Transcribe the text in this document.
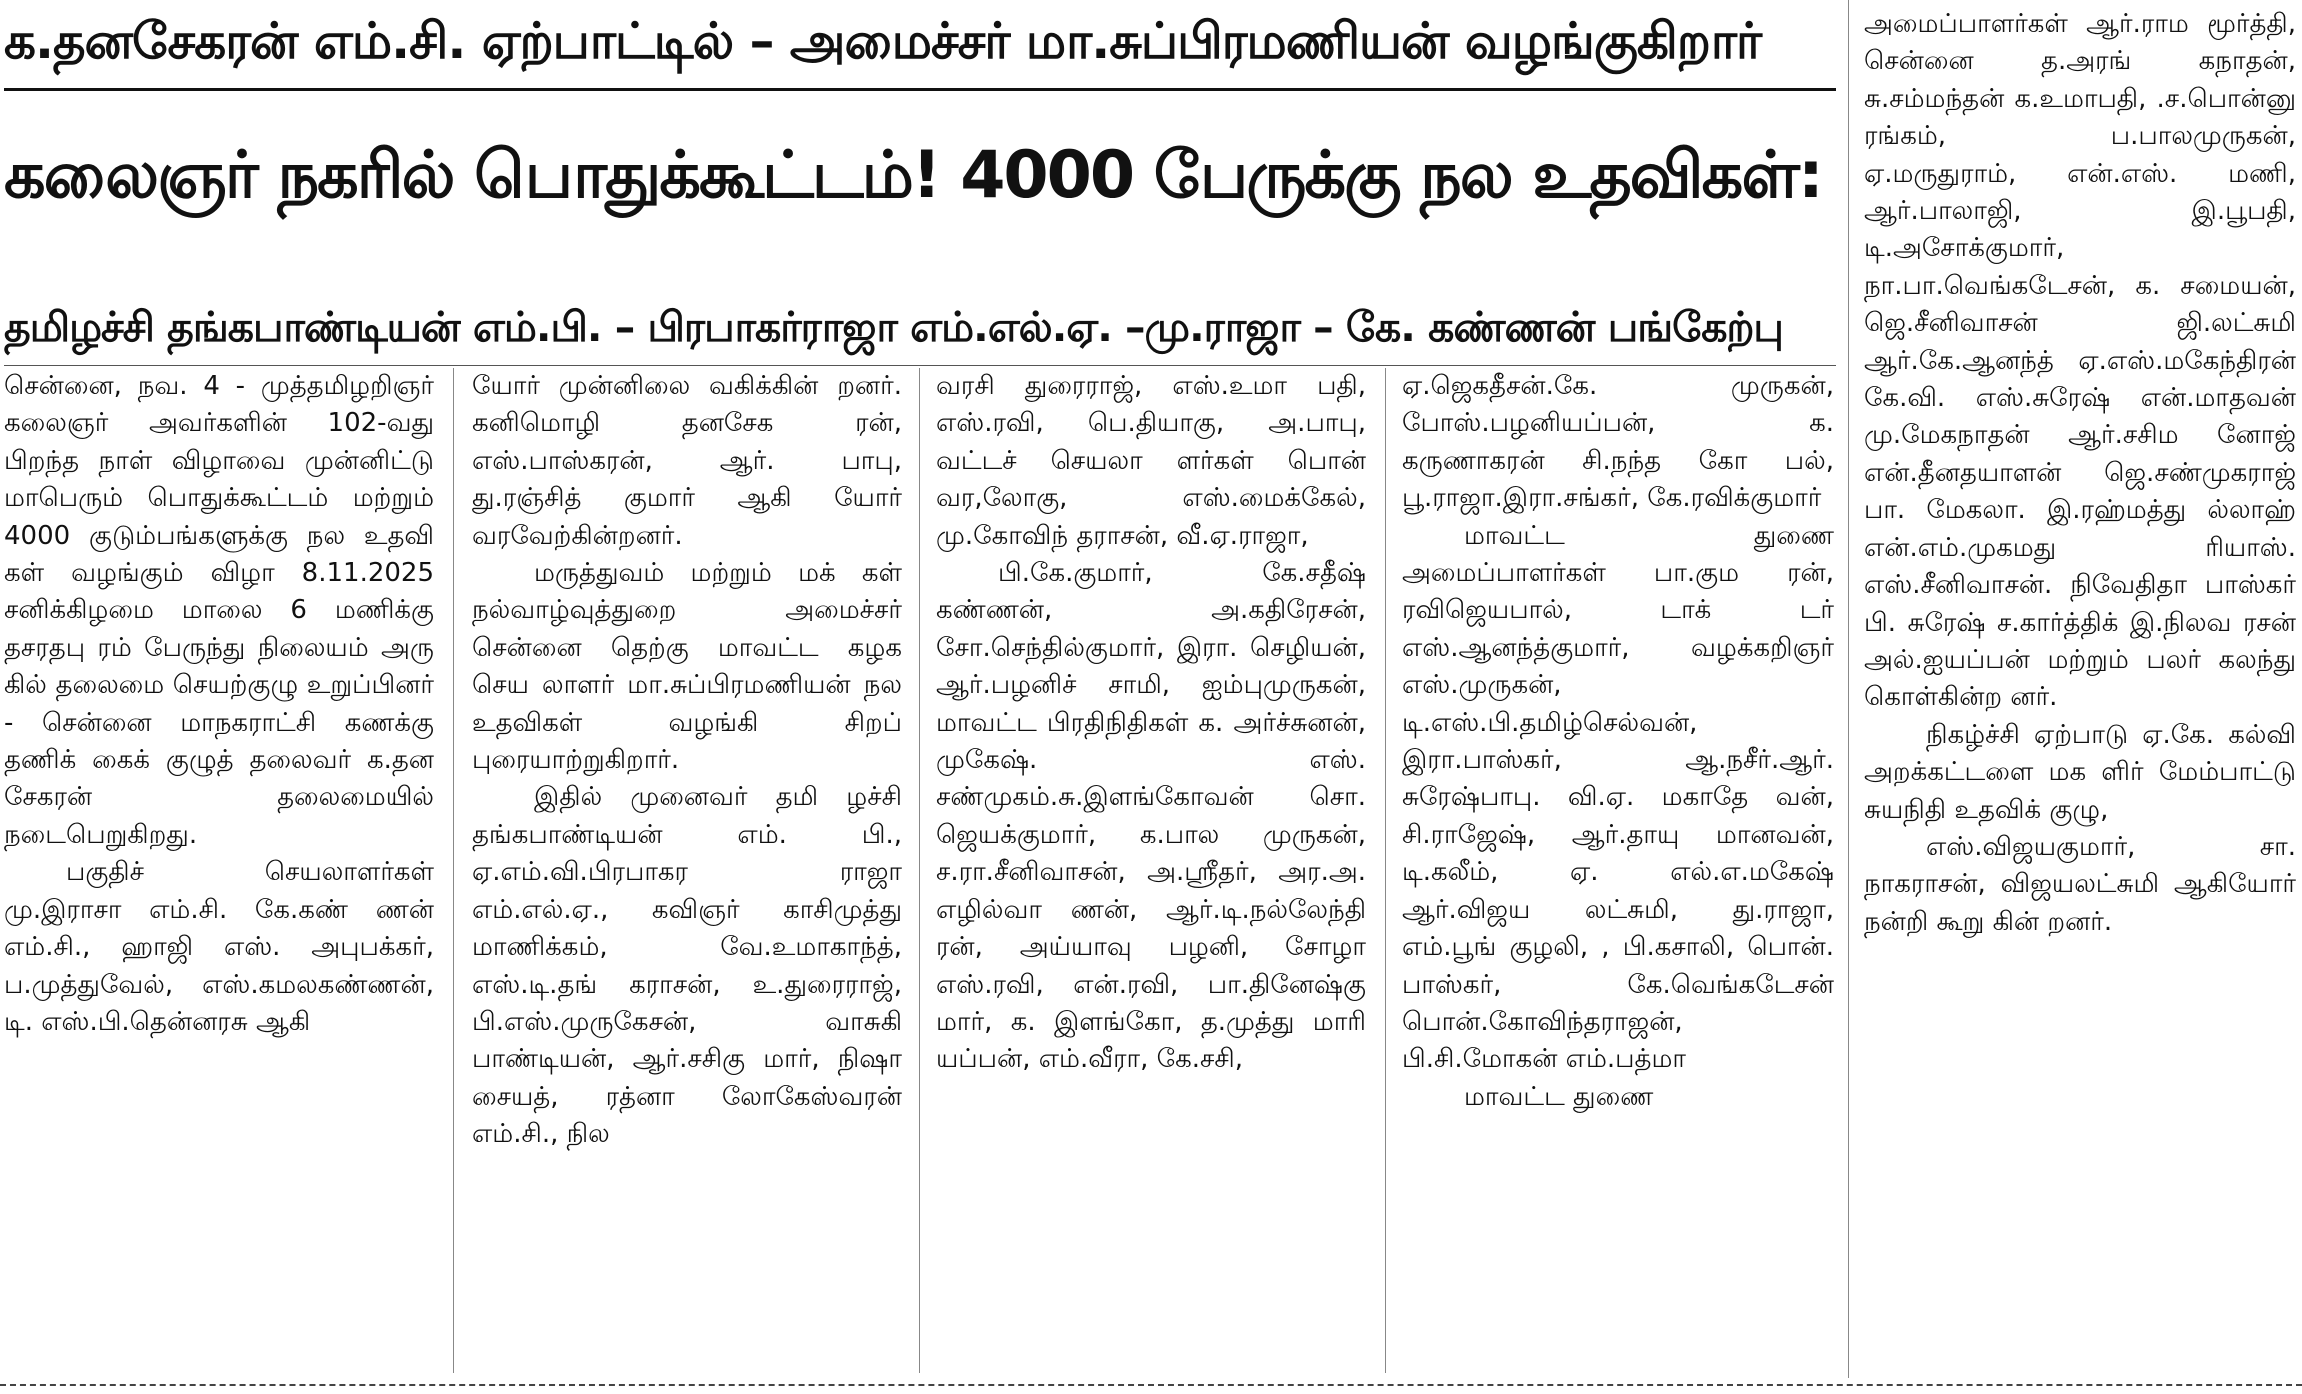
க.தனசேகரன் எம்.சி. ஏற்பாட்டில் – அமைச்சர் மா.சுப்பிரமணியன் வழங்குகிறார்
கலைஞர் நகரில் பொதுக்கூட்டம்! 4000 பேருக்கு நல உதவிகள்:
தமிழச்சி தங்கபாண்டியன் எம்.பி. – பிரபாகர்ராஜா எம்.எல்.ஏ. –மு.ராஜா – கே. கண்ணன் பங்கேற்பு

சென்னை, நவ. 4 - முத்தமிழறிஞர் கலைஞர் அவர்களின் 102-வது பிறந்த நாள் விழாவை முன்னிட்டு மாபெரும் பொதுக்கூட்டம் மற்றும் 4000 குடும்பங்களுக்கு நல உதவி கள் வழங்கும் விழா 8.11.2025 சனிக்கிழமை மாலை 6 மணிக்கு தசரதபு ரம் பேருந்து நிலையம் அரு கில் தலைமை செயற்குழு உறுப்பினர் - சென்னை மாநகராட்சி கணக்கு தணிக் கைக் குழுத் தலைவர் க.தன சேகரன் தலைமையில் நடைபெறுகிறது.

பகுதிச் செயலாளர்கள் மு.இராசா எம்.சி. கே.கண் ணன் எம்.சி., ஹாஜி எஸ். அபுபக்கர், ப.முத்துவேல், எஸ்.கமலகண்ணன், டி. எஸ்.பி.தென்னரசு ஆகி

யோர் முன்னிலை வகிக்கின் றனர். கனிமொழி தனசேக ரன், எஸ்.பாஸ்கரன், ஆர். பாபு, து.ரஞ்சித் குமார் ஆகி யோர் வரவேற்கின்றனர்.

மருத்துவம் மற்றும் மக் கள் நல்வாழ்வுத்துறை அமைச்சர் சென்னை தெற்கு மாவட்ட கழக செய லாளர் மா.சுப்பிரமணியன் நல உதவிகள் வழங்கி சிறப் புரையாற்றுகிறார்.

இதில் முனைவர் தமி ழச்சி தங்கபாண்டியன் எம். பி., ஏ.எம்.வி.பிரபாகர ராஜா எம்.எல்.ஏ., கவிஞர் காசிமுத்து மாணிக்கம், வே.உமாகாந்த், எஸ்.டி.தங் கராசன், உ.துரைராஜ், பி.எஸ்.முருகேசன், வாசுகி பாண்டியன், ஆர்.சசிகு மார், நிஷா சையத், ரத்னா லோகேஸ்வரன் எம்.சி., நில

வரசி துரைராஜ், எஸ்.உமா பதி, எஸ்.ரவி, பெ.தியாகு, அ.பாபு, வட்டச் செயலா ளர்கள் பொன் வர,லோகு, எஸ்.மைக்கேல், மு.கோவிந் தராசன், வீ.ஏ.ராஜா,

பி.கே.குமார், கே.சதீஷ் கண்ணன், அ.கதிரேசன், சோ.செந்தில்குமார், இரா. செழியன், ஆர்.பழனிச் சாமி, ஐம்புமுருகன், மாவட்ட பிரதிநிதிகள் க. அர்ச்சுனன், முகேஷ். எஸ். சண்முகம்.சு.இளங்கோவன் சொ. ஜெயக்குமார், க.பால முருகன், ச.ரா.சீனிவாசன், அ.ஸ்ரீதர், அர.அ. எழில்வா ணன், ஆர்.டி.நல்லேந்தி ரன், அய்யாவு பழனி, சோழா எஸ்.ரவி, என்.ரவி, பா.தினேஷ்கு மார், க. இளங்கோ, த.முத்து மாரி யப்பன், எம்.வீரா, கே.சசி,

ஏ.ஜெகதீசன்.கே. முருகன், போஸ்.பழனியப்பன், க. கருணாகரன் சி.நந்த கோ பல், பூ.ராஜா.இரா.சங்கர், கே.ரவிக்குமார்

மாவட்ட துணை அமைப்பாளர்கள் பா.கும ரன், ரவிஜெயபால், டாக் டர் எஸ்.ஆனந்த்குமார், வழக்கறிஞர் எஸ்.முருகன், டி.எஸ்.பி.தமிழ்செல்வன், இரா.பாஸ்கர், ஆ.நசீர்.ஆர். சுரேஷ்பாபு. வி.ஏ. மகாதே வன், சி.ராஜேஷ், ஆர்.தாயு மானவன், டி.கலீம், ஏ. எல்.எ.மகேஷ் ஆர்.விஜய லட்சுமி, து.ராஜா, எம்.பூங் குழலி, , பி.கசாலி, பொன். பாஸ்கர், கே.வெங்கடேசன் பொன்.கோவிந்தராஜன், பி.சி.மோகன் எம்.பத்மா

மாவட்ட துணை

அமைப்பாளர்கள் ஆர்.ராம மூர்த்தி, சென்னை த.அரங் கநாதன், சு.சம்மந்தன் க.உமாபதி, .ச.பொன்னு ரங்கம், ப.பாலமுருகன், ஏ.மருதுராம், என்.எஸ். மணி, ஆர்.பாலாஜி, இ.பூபதி, டி.அசோக்குமார், நா.பா.வெங்கடேசன், க. சமையன், ஜெ.சீனிவாசன் ஜி.லட்சுமி ஆர்.கே.ஆனந்த் ஏ.எஸ்.மகேந்திரன் கே.வி. எஸ்.சுரேஷ் என்.மாதவன் மு.மேகநாதன் ஆர்.சசிம னோஜ் என்.தீனதயாளன் ஜெ.சண்முகராஜ் பா. மேகலா. இ.ரஹ்மத்து ல்லாஹ் என்.எம்.முகமது ரியாஸ். எஸ்.சீனிவாசன். நிவேதிதா பாஸ்கர் பி. சுரேஷ் ச.கார்த்திக் இ.நிலவ ரசன் அல்.ஐயப்பன் மற்றும் பலர் கலந்து கொள்கின்ற னர்.

நிகழ்ச்சி ஏற்பாடு ஏ.கே. கல்வி அறக்கட்டளை மக ளிர் மேம்பாட்டு சுயநிதி உதவிக் குழு,

எஸ்.விஜயகுமார், சா. நாகராசன், விஜயலட்சுமி ஆகியோர் நன்றி கூறு கின் றனர்.
